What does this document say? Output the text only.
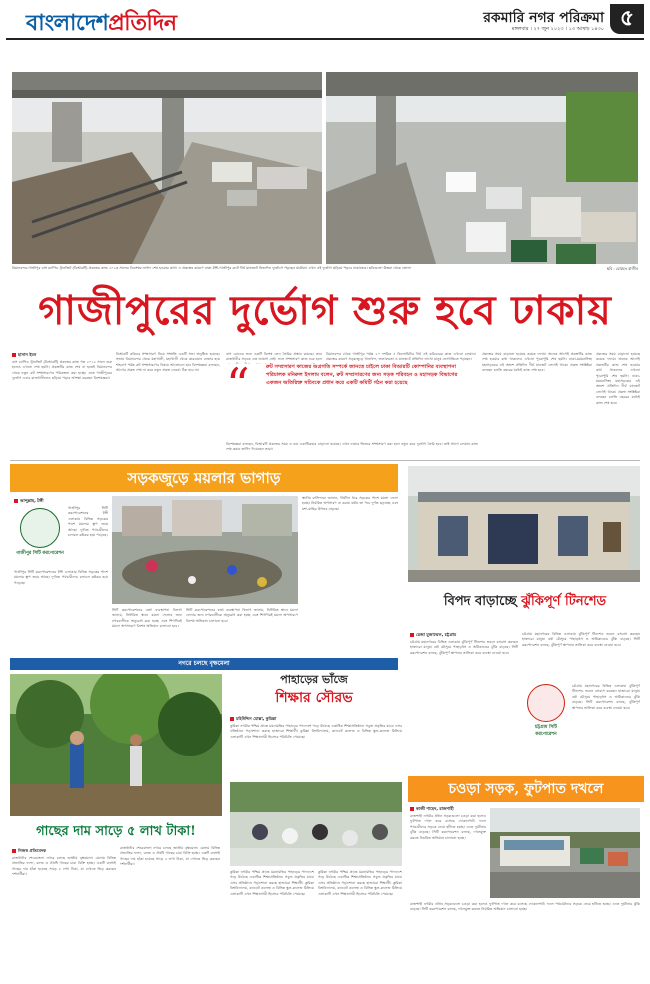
বাংলাদেশপ্রতিদিন	রকমারি নগর পরিক্রমা
মঙ্গলবার । ২৭ জুন ২০২৩ । ১৩ আষাঢ় ১৪৩০ ৫
বিমানবন্দর-গাজীপুর বাস র‌্যাপিড ট্রানজিট (বিআরটি) প্রকল্পের কাজ ২০২৩ সালের ডিসেম্বর নাগাদ শেষ হওয়ার কথা। এ প্রকল্পের কারণে ঢাকা-টঙ্গী-গাজীপুর রুটে দীর্ঘ যানজটে নিত্যদিন দুর্ভোগে পড়ছেন যাত্রীরা। এখন এই দুর্ভোগ ছড়িয়ে পড়বে ঢাকাতেও। ছবিগুলো উত্তরা থেকে তোলা	ছবি : রোহেত রাজীব
গাজীপুরের দুর্ভোগ শুরু হবে ঢাকায়
হাসান ইমন
বাস র‌্যাপিড ট্রানজিট (বিআরটি) প্রকল্পের কাজ গত ২০১২ সালে শুরু হলেও এখনো শেষ হয়নি। প্রকল্পটির কাজ শেষ না হতেই বিমানবন্দর থেকে নতুন রুট সম্প্রসারণের পরিকল্পনা করা হচ্ছে। এতে গাজীপুরের দুর্ভোগ এবার রাজধানীতেও ছড়িয়ে পড়ার আশঙ্কা করছেন বিশেষজ্ঞরা।
বিআরটি করিডর সম্প্রসারণ নিয়ে সম্প্রতি একটি সভা অনুষ্ঠিত হয়েছে। সভায় বিমানবন্দর থেকে মহাখালী, মহাখালী থেকে কারওয়ান বাজার হয়ে শাহবাগ পর্যন্ত রুট সম্প্রসারণের বিষয়ে আলোচনা হয়। বিশেষজ্ঞরা বলছেন, আগের প্রকল্প শেষ না করে নতুন প্রকল্প নেওয়া ঠিক হবে না।
বাস রোডের জন্য একটি বিশেষ লেন তৈরির প্রস্তাব রয়েছে। তবে রাজধানীর সড়কে এত জায়গা নেই। ফলে সম্প্রসারণ কাজ শুরু হলে
বিমানবন্দর থেকে গাজীপুর পর্যন্ত ২০ দশমিক ৫ কিলোমিটার দীর্ঘ এই করিডরের কাজ এখনো চলমান। প্রকল্পের কারণে সড়কজুড়ে খানাখন্দ, জলাবদ্ধতা ও যানজটে প্রতিদিন লাখো মানুষ ভোগান্তিতে পড়ছেন।
“	রুট সম্প্রসারণ কাজের অগ্রগতি সম্পর্কে জানতে চাইলে ঢাকা বিআরটি কোম্পানির ব্যবস্থাপনা পরিচালক মনিরুল ইসলাম বলেন, রুট সম্প্রসারণের জন্য সড়ক পরিবহন ও মহাসড়ক বিভাগের একজন অতিরিক্ত সচিবকে প্রধান করে একটি কমিটি গঠন করা হয়েছে
বিশেষজ্ঞরা বলছেন, বিআরটি প্রকল্পের সময় ও ব্যয় একাধিকবার বাড়ানো হয়েছে। এখন ঢাকার ভিতরে সম্প্রসারণ করা হলে নতুন করে দুর্ভোগ তৈরি হবে। তাই আগে চলমান কাজ শেষ করার তাগিদ দিয়েছেন তারা।
প্রকল্পের সময় বাড়ানো হয়েছে কয়েক দফায়। অনেক আগেই প্রকল্পটির কাজ শেষ হওয়ার কথা থাকলেও এখনো পুরোপুরি শেষ হয়নি। ঢাকা-ময়মনসিংহ মহাসড়কের এই অংশে প্রতিদিন দীর্ঘ যানজট লেগেই থাকে। প্রকল্প সংশ্লিষ্টরা বলছেন চলতি বছরের মধ্যেই কাজ শেষ হবে।
প্রকল্পের সময় বাড়ানো হয়েছে কয়েক দফায়। অনেক আগেই প্রকল্পটির কাজ শেষ হওয়ার কথা থাকলেও এখনো পুরোপুরি শেষ হয়নি। ঢাকা-ময়মনসিংহ মহাসড়কের এই অংশে প্রতিদিন দীর্ঘ যানজট লেগেই থাকে। প্রকল্প সংশ্লিষ্টরা বলছেন চলতি বছরের মধ্যেই কাজ শেষ হবে।
সড়কজুড়ে ময়লার ভাগাড়
আব্দুল্লাহ, টঙ্গী
গাজীপুর সিটি করপোরেশন
গাজীপুর সিটি করপোরেশনের টঙ্গী এলাকার বিভিন্ন সড়কের পাশে ময়লার স্তূপ জমে আছে। দুর্গন্ধে পথচারীদের চলাচল কষ্টকর হয়ে পড়েছে।
স্থানীয় বাসিন্দারা জানান, দীর্ঘদিন ধরে সড়কের পাশে ময়লা ফেলা হচ্ছে। নিয়মিত অপসারণ না করায় বর্ষায় তা পচে দুর্গন্ধ ছড়াচ্ছে এবং মশা-মাছির উপদ্রব বাড়ছে।
গাজীপুর সিটি করপোরেশনের টঙ্গী এলাকার বিভিন্ন সড়কের পাশে ময়লার স্তূপ জমে আছে। দুর্গন্ধে পথচারীদের চলাচল কষ্টকর হয়ে পড়েছে।
সিটি করপোরেশনের বর্জ্য ব্যবস্থাপনা বিভাগ জানায়, নির্ধারিত স্থানে ময়লা ফেলার জন্য নগরবাসীকে অনুরোধ করা হচ্ছে এবং শিগগিরই ময়লা অপসারণে বিশেষ অভিযান চালানো হবে।
সিটি করপোরেশনের বর্জ্য ব্যবস্থাপনা বিভাগ জানায়, নির্ধারিত স্থানে ময়লা ফেলার জন্য নগরবাসীকে অনুরোধ করা হচ্ছে এবং শিগগিরই ময়লা অপসারণে বিশেষ অভিযান চালানো হবে।
বিপদ বাড়াচ্ছে ঝুঁকিপূর্ণ টিনশেড
রেজা মুজাম্মেল, চট্টগ্রাম
চট্টগ্রাম মহানগরের বিভিন্ন এলাকায় ঝুঁকিপূর্ণ টিনশেড ভবনে বসবাস করছেন হাজারো মানুষ। বর্ষা মৌসুমে পাহাড়ধস ও অগ্নিকাণ্ডের ঝুঁকি বাড়ছে। সিটি করপোরেশন বলছে, ঝুঁকিপূর্ণ স্থাপনার তালিকা করে ব্যবস্থা নেওয়া হবে।
চট্টগ্রাম মহানগরের বিভিন্ন এলাকায় ঝুঁকিপূর্ণ টিনশেড ভবনে বসবাস করছেন হাজারো মানুষ। বর্ষা মৌসুমে পাহাড়ধস ও অগ্নিকাণ্ডের ঝুঁকি বাড়ছে। সিটি করপোরেশন বলছে, ঝুঁকিপূর্ণ স্থাপনার তালিকা করে ব্যবস্থা নেওয়া হবে।
চট্টগ্রাম সিটি করপোরেশন
চট্টগ্রাম মহানগরের বিভিন্ন এলাকায় ঝুঁকিপূর্ণ টিনশেড ভবনে বসবাস করছেন হাজারো মানুষ। বর্ষা মৌসুমে পাহাড়ধস ও অগ্নিকাণ্ডের ঝুঁকি বাড়ছে। সিটি করপোরেশন বলছে, ঝুঁকিপূর্ণ স্থাপনার তালিকা করে ব্যবস্থা নেওয়া হবে।
নগরে চলছে বৃক্ষমেলা
গাছের দাম সাড়ে ৫ লাখ টাকা!
নিজস্ব প্রতিবেদক
রাজধানীর শেরেবাংলা নগরে চলছে জাতীয় বৃক্ষমেলা। মেলায় বিভিন্ন প্রজাতির ফলদ, বনজ ও ঔষধি গাছের চারা বিক্রি হচ্ছে। একটি বনসাই গাছের দাম হাঁকা হয়েছে সাড়ে ৫ লাখ টাকা, যা দেখতে ভিড় করছেন দর্শনার্থীরা।
রাজধানীর শেরেবাংলা নগরে চলছে জাতীয় বৃক্ষমেলা। মেলায় বিভিন্ন প্রজাতির ফলদ, বনজ ও ঔষধি গাছের চারা বিক্রি হচ্ছে। একটি বনসাই গাছের দাম হাঁকা হয়েছে সাড়ে ৫ লাখ টাকা, যা দেখতে ভিড় করছেন দর্শনার্থীরা।
পাহাড়ের ভাঁজে
শিক্ষার সৌরভ
মহিউদ্দিন মোল্লা, কুমিল্লা
কুমিল্লা নগরীর পশ্চিম প্রান্তে ময়নামতির পাহাড়ের পাদদেশে গড়ে উঠেছে একাধিক শিক্ষাপ্রতিষ্ঠান। সবুজ প্রকৃতির মাঝে এসব প্রতিষ্ঠানে পড়াশোনা করছে হাজারো শিক্ষার্থী। কুমিল্লা বিশ্ববিদ্যালয়, ক্যাডেট কলেজ ও বিভিন্ন স্কুল-কলেজ মিলিয়ে এলাকাটি এখন শিক্ষানগরী হিসেবে পরিচিতি পেয়েছে।
কুমিল্লা নগরীর পশ্চিম প্রান্তে ময়নামতির পাহাড়ের পাদদেশে গড়ে উঠেছে একাধিক শিক্ষাপ্রতিষ্ঠান। সবুজ প্রকৃতির মাঝে এসব প্রতিষ্ঠানে পড়াশোনা করছে হাজারো শিক্ষার্থী। কুমিল্লা বিশ্ববিদ্যালয়, ক্যাডেট কলেজ ও বিভিন্ন স্কুল-কলেজ মিলিয়ে এলাকাটি এখন শিক্ষানগরী হিসেবে পরিচিতি পেয়েছে।
কুমিল্লা নগরীর পশ্চিম প্রান্তে ময়নামতির পাহাড়ের পাদদেশে গড়ে উঠেছে একাধিক শিক্ষাপ্রতিষ্ঠান। সবুজ প্রকৃতির মাঝে এসব প্রতিষ্ঠানে পড়াশোনা করছে হাজারো শিক্ষার্থী। কুমিল্লা বিশ্ববিদ্যালয়, ক্যাডেট কলেজ ও বিভিন্ন স্কুল-কলেজ মিলিয়ে এলাকাটি এখন শিক্ষানগরী হিসেবে পরিচিতি পেয়েছে।
চওড়া সড়ক, ফুটপাত দখলে
কাজী শাহেদ, রাজশাহী
রাজশাহী নগরীর প্রধান সড়কগুলো চওড়া করা হলেও ফুটপাত দখল করে বসেছে দোকানপাট। ফলে পথচারীদের সড়কে নেমে হাঁটতে হচ্ছে। এতে দুর্ঘটনার ঝুঁকি বাড়ছে। সিটি করপোরেশন বলছে, দখলমুক্ত করতে নিয়মিত অভিযান চালানো হচ্ছে।
রাজশাহী নগরীর প্রধান সড়কগুলো চওড়া করা হলেও ফুটপাত দখল করে বসেছে দোকানপাট। ফলে পথচারীদের সড়কে নেমে হাঁটতে হচ্ছে। এতে দুর্ঘটনার ঝুঁকি বাড়ছে। সিটি করপোরেশন বলছে, দখলমুক্ত করতে নিয়মিত অভিযান চালানো হচ্ছে।
